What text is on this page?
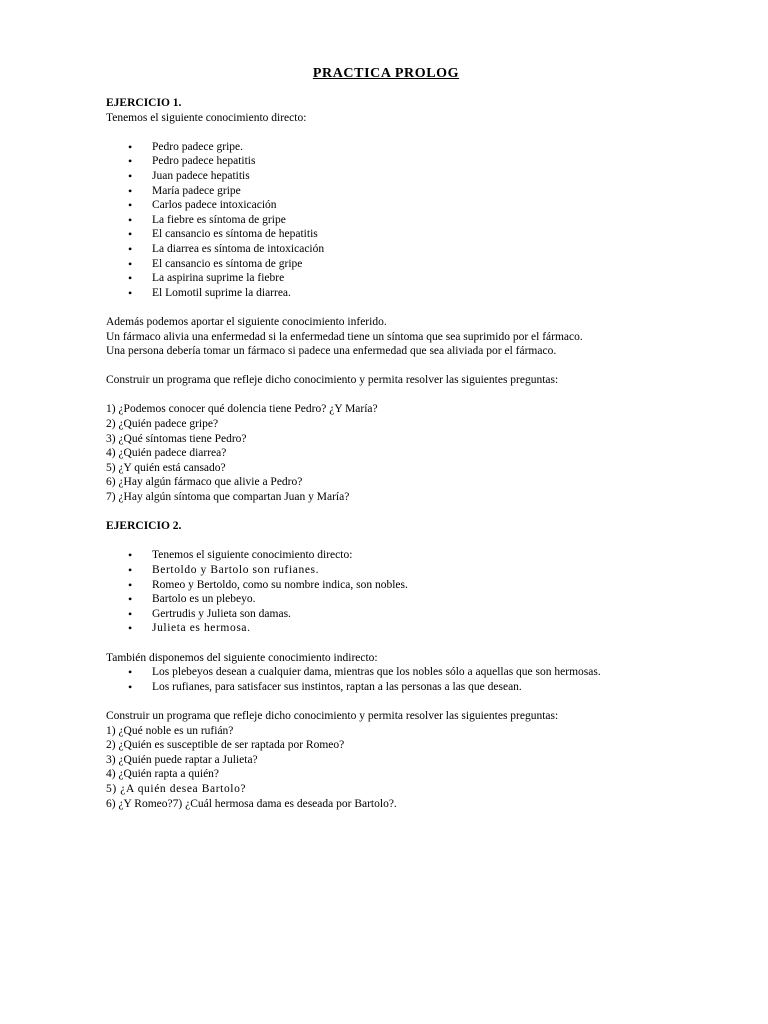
PRACTICA PROLOG

EJERCICIO 1.

Tenemos el siguiente conocimiento directo:

• Pedro padece gripe.
• Pedro padece hepatitis
• Juan padece hepatitis
• María padece gripe
• Carlos padece intoxicación
• La fiebre es síntoma de gripe
• El cansancio es síntoma de hepatitis
• La diarrea es síntoma de intoxicación
• El cansancio es síntoma de gripe
• La aspirina suprime la fiebre
• El Lomotil suprime la diarrea.

Además podemos aportar el siguiente conocimiento inferido.

Un fármaco alivia una enfermedad si la enfermedad tiene un síntoma que sea suprimido por el fármaco.

Una persona debería tomar un fármaco si padece una enfermedad que sea aliviada por el fármaco.

Construir un programa que refleje dicho conocimiento y permita resolver las siguientes preguntas:

1) ¿Podemos conocer qué dolencia tiene Pedro? ¿Y María?

2) ¿Quién padece gripe?

3) ¿Qué síntomas tiene Pedro?

4) ¿Quién padece diarrea?

5) ¿Y quién está cansado?

6) ¿Hay algún fármaco que alivie a Pedro?

7) ¿Hay algún síntoma que compartan Juan y María?

EJERCICIO 2.

• Tenemos el siguiente conocimiento directo:
• Bertoldo y Bartolo son rufianes.
• Romeo y Bertoldo, como su nombre indica, son nobles.
• Bartolo es un plebeyo.
• Gertrudis y Julieta son damas.
• Julieta es hermosa.

También disponemos del siguiente conocimiento indirecto:

• Los plebeyos desean a cualquier dama, mientras que los nobles sólo a aquellas que son hermosas.
• Los rufianes, para satisfacer sus instintos, raptan a las personas a las que desean.

Construir un programa que refleje dicho conocimiento y permita resolver las siguientes preguntas:

1) ¿Qué noble es un rufián?

2) ¿Quién es susceptible de ser raptada por Romeo?

3) ¿Quién puede raptar a Julieta?

4) ¿Quién rapta a quién?

5) ¿A quién desea Bartolo?

6) ¿Y Romeo?7) ¿Cuál hermosa dama es deseada por Bartolo?.
